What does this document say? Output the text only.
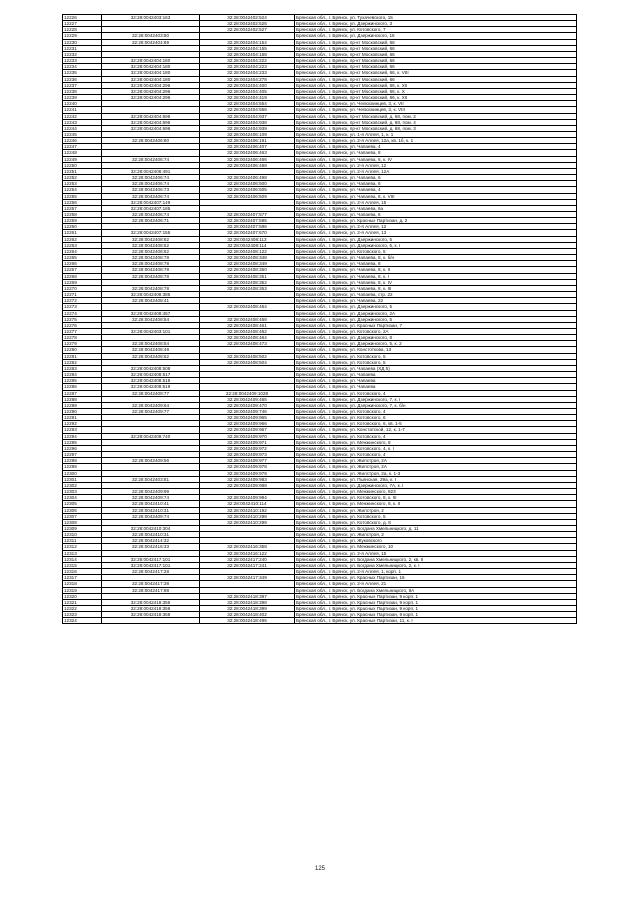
12226	32:28:0042403:163	32:28:0042402:524	Брянская обл., г. Брянск, ул. Тухачевского, 15
12227		32:28:0042402:525	Брянская обл., г. Брянск, ул. Дзержинского, 3
12228		32:28:0042402:527	Брянская обл., г. Брянск, ул. Котовского, 7
12229	32:28:0042403:80		Брянская обл., г. Брянск, ул. Дзержинского, 16
12230	32:28:0042404:89	32:28:0042404:154	Брянская обл., г. Брянск, пр-кт Московский, 66
12231		32:28:0042404:155	Брянская обл., г. Брянск, пр-кт Московский, 66
12232		32:28:0042404:158	Брянская обл., г. Брянск, пр-кт Московский, 66
12233	32:28:0042404:180	32:28:0042404:222	Брянская обл., г. Брянск, пр-кт Московский, 66
12234	32:28:0042404:180	32:28:0042404:223	Брянская обл., г. Брянск, пр-кт Московский, 66
12235	32:28:0042404:180	32:28:0042404:233	Брянская обл., г. Брянск, пр-кт Московский, 66, к. VIII
12236	32:28:0042404:180	32:28:0042404:278	Брянская обл., г. Брянск, пр-кт Московский, 66
12237	32:28:0042404:296	32:28:0042404:400	Брянская обл., г. Брянск, пр-кт Московский, 66, к. XII
12238	32:28:0042404:296	32:28:0042404:405	Брянская обл., г. Брянск, пр-кт Московский, 66, к. X
12239	32:28:0042404:296	32:28:0042404:419	Брянская обл., г. Брянск, пр-кт Московский, 66, к. XII
12240		32:28:0042404:554	Брянская обл., г. Брянск, ул. Челюскинцев, 3, к. VII
12241		32:28:0042404:556	Брянская обл., г. Брянск, ул. Челюскинцев, 3, к. VIII
12242	32:28:0042404:696	32:28:0042404:937	Брянская обл., г. Брянск, пр-кт Московский, д. 68, пом. 2
12243	32:28:0042404:696	32:28:0042404:938	Брянская обл., г. Брянск, пр-кт Московский, д. 68, пом. 4
12244	32:28:0042404:696	32:28:0042404:939	Брянская обл., г. Брянск, пр-кт Московский, д. 68, пом. 3
12245		32:28:0042406:109	Брянская обл., г. Брянск, ул. 1-я Аллея, 1, к. 1
12246	32:28:0042406:80	32:28:0042406:191	Брянская обл., г. Брянск, ул. 2-я Аллея, 12а, кв. 1б, к. 1
12247		32:28:0042406:407	Брянская обл., г. Брянск, ул. Чапаева, 4
12248		32:28:0042406:463	Брянская обл., г. Брянск, ул. Чапаева, 8
12249	32:28:0042406:74	32:28:0042406:466	Брянская обл., г. Брянск, ул. Чапаева, 6, к. IV
12250		32:28:0042406:488	Брянская обл., г. Брянск, ул. 2-я Аллея, 12
12251	32:28:0042406:491		Брянская обл., г. Брянск, ул. 2-я Аллея, 12А
12252	32:28:0042406:74	32:28:0042406:498	Брянская обл., г. Брянск, ул. Чапаева, 6
12253	32:28:0042406:74	32:28:0042406:500	Брянская обл., г. Брянск, ул. Чапаева, 6
12254	32:28:0042406:73	32:28:0042406:505	Брянская обл., г. Брянск, ул. Чапаева, 4
12255	32:28:0042406:74	32:28:0042406:509	Брянская обл., г. Брянск, ул. Чапаева, 6, к. VIII
12256	32:28:0042407:149		Брянская обл., г. Брянск, ул. 2-я Аллея, 15
12257	32:28:0042407:185		Брянская обл., г. Брянск, ул. Чапаева, 6а
12258	32:28:0042406:74	32:28:0042407:577	Брянская обл., г. Брянск, ул. Чапаева, 6
12259	32:28:0042406:71	32:28:0042407:595	Брянская обл., г. Брянск, ул. Красных Партизан, д. 2
12260		32:28:0042407:596	Брянская обл., г. Брянск, ул. 2-я Аллея, 12
12261	32:28:0042407:155	32:28:0042407:670	Брянская обл., г. Брянск, ул. 2-я Аллея, 13
12262	32:28:0042408:62	32:28:0042408:113	Брянская обл., г. Брянск, ул. Дзержинского, 5
12263	32:28:0042408:62	32:28:0042408:114	Брянская обл., г. Брянск, ул. Дзержинского, 5, к. I
12264	32:28:0042408:62	32:28:0042408:122	Брянская обл., г. Брянск, ул. Котовского, 5
12265	32:28:0042408:78	32:28:0042408:348	Брянская обл., г. Брянск, ул. Чапаева, 8, к. б/н
12266	32:28:0042408:78	32:28:0042408:349	Брянская обл., г. Брянск, ул. Чапаева, 8
12267	32:28:0042408:78	32:28:0042408:350	Брянская обл., г. Брянск, ул. Чапаева, 8, к. II
12268	32:28:0042408:78	32:28:0042408:351	Брянская обл., г. Брянск, ул. Чапаева, 8, к. I
12269		32:28:0042408:352	Брянская обл., г. Брянск, ул. Чапаева, 8, к. IV
12270	32:28:0042408:78	32:28:0042408:353	Брянская обл., г. Брянск, ул. Чапаева, 8, к. III
12271	32:28:0042408:385		Брянская обл., г. Брянск, ул. Чапаева, стр. 22
12272	32:28:0042408:41		Брянская обл., г. Брянск, ул. Чапаева, 22
12273		32:28:0042408:454	Брянская обл., г. Брянск, ул. Дзержинского, 5
12274	32:28:0042408:457		Брянская обл., г. Брянск, ул. Дзержинского, 2А
12275	32:28:0042408:54	32:28:0042408:458	Брянская обл., г. Брянск, ул. Дзержинского, 5
12276		32:28:0042408:461	Брянская обл., г. Брянск, ул. Красных Партизан, 7
12277	32:28:0042403:101	32:28:0042408:462	Брянская обл., г. Брянск, ул. Котовского, 2А
12278		32:28:0042408:464	Брянская обл., г. Брянск, ул. Дзержинского, 8
12279	32:28:0042408:54	32:28:0042408:473	Брянская обл., г. Брянск, ул. Дзержинского, 5, к. 2
12280	32:28:0042408:48		Брянская обл., г. Брянск, ул. Констоткова, 13
12281	32:28:0042408:62	32:28:0042408:502	Брянская обл., г. Брянск, ул. Котовского, 5
12282		32:28:0042408:504	Брянская обл., г. Брянск, ул. Котовского, 5
12283	32:28:0042408:508		Брянская обл., г. Брянск, ул. Чапаева (ХД 5)
12284	32:28:0042408:517		Брянская обл., г. Брянск, ул. Чапаева
12285	32:28:0042408:518		Брянская обл., г. Брянск, ул. Чапаева
12286	32:28:0042408:519		Брянская обл., г. Брянск, ул. Чапаева
12287	32:28:0042409:77	32:28:0042409:1028	Брянская обл., г. Брянск, ул. Котовского, 4
12288		32:28:0042409:465	Брянская обл., г. Брянск, ул. Дзержинского, 7, к. I
12289	32:28:0042409:64	32:28:0042409:470	Брянская обл., г. Брянск, ул. Дзержинского, 7, к. б/н
12290	32:28:0042409:77	32:28:0042409:746	Брянская обл., г. Брянск, ул. Котовского, 4
12291		32:28:0042409:965	Брянская обл., г. Брянск, ул. Котовского, 6
12292		32:28:0042409:966	Брянская обл., г. Брянск, ул. Котовского, 6, кв. 1-5
12293		32:28:0042409:967	Брянская обл., г. Брянск, ул. Констатской, 12, к. 1-7
12294	32:28:0042409:740	32:28:0042409:970	Брянская обл., г. Брянск, ул. Котовского, 4
12295		32:28:0042409:971	Брянская обл., г. Брянск, ул. Менжинского, 8
12296		32:28:0042409:972	Брянская обл., г. Брянск, ул. Котовского, 4, к. I
12297		32:28:0042409:973	Брянская обл., г. Брянск, ул. Котовского, 4
12298	32:28:0042409:56	32:28:0042409:977	Брянская обл., г. Брянск, ул. Жилстроя, 2А
12299		32:28:0042409:978	Брянская обл., г. Брянск, ул. Жилстроя, 2А
12300		32:28:0042409:979	Брянская обл., г. Брянск, ул. Жилстроя, 2а, к. 1-3
12301	32:28:0042403:81	32:28:0042409:983	Брянская обл., г. Брянск, ул. Пьянская, 29а, к. I
12302		32:28:0042409:988	Брянская обл., г. Брянск, ул. Дзержинского, 7А, к. I
12303	32:28:0042409:99		Брянская обл., г. Брянск, ул. Менжинского, 823
12304	32:28:0042409:74	32:28:0042409:994	Брянская обл., г. Брянск, ул. Котовского, 8, к. III
12305	32:28:0042410:41	32:28:0042410:114	Брянская обл., г. Брянск, ул. Менжинского, 8, к. II
12306	32:28:0042410:31	32:28:0042410:192	Брянская обл., г. Брянск, ул. Жилстроя, 2
12307	32:28:0042409:74	32:28:0042410:298	Брянская обл., г. Брянск, ул. Котовского, 5
12308		32:28:0042410:299	Брянская обл., г. Брянск, ул. Котовского, д. 8
12309	32:28:0042410:304		Брянская обл., г. Брянск, ул. Богдана Хмельницкого, д. 11
12310	32:28:0042410:31		Брянская обл., г. Брянск, ул. Жилстроя, 2
12311	32:28:0042414:32		Брянская обл., г. Брянск, ул. Жуковского
12312	32:28:0042416:33	32:28:0042416:358	Брянская обл., г. Брянск, ул. Менжинского, 10
12313		32:28:0042416:122	Брянская обл., г. Брянск, ул. 2-я Аллея, 15
12314	32:28:0042417:101	32:28:0042417:240	Брянская обл., г. Брянск, ул. Богдана Хмельницкого, 2, кв. II
12315	32:28:0042417:101	32:28:0042417:241	Брянская обл., г. Брянск, ул. Богдана Хмельницкого, 2, к. I
12316	32:28:0042417:28		Брянская обл., г. Брянск, ул. 2-я Аллея, 1, корп. 1
12317		32:28:0042417:349	Брянская обл., г. Брянск, ул. Красных Партизан, 16
12318	32:28:0042417:38		Брянская обл., г. Брянск, ул. 2-я Аллея, 21
12319	32:28:0042417:98		Брянская обл., г. Брянск, ул. Богдана Хмельницкого, 8А
12320		32:28:0042418:397	Брянская обл., г. Брянск, ул. Красных Партизан, 9 корп. 1
12321	32:28:0042418:356	32:28:0042418:398	Брянская обл., г. Брянск, ул. Красных Партизан, 9 корп. 1
12322	32:28:0042418:356	32:28:0042418:399	Брянская обл., г. Брянск, ул. Красных Партизан, 9 корп. 1
12323	32:28:0042418:358	32:28:0042418:402	Брянская обл., г. Брянск, ул. Красных Партизан, 9 корп. 1
12324		32:28:0042418:496	Брянская обл., г. Брянск, ул. Красных Партизан, 11, к. I
125
